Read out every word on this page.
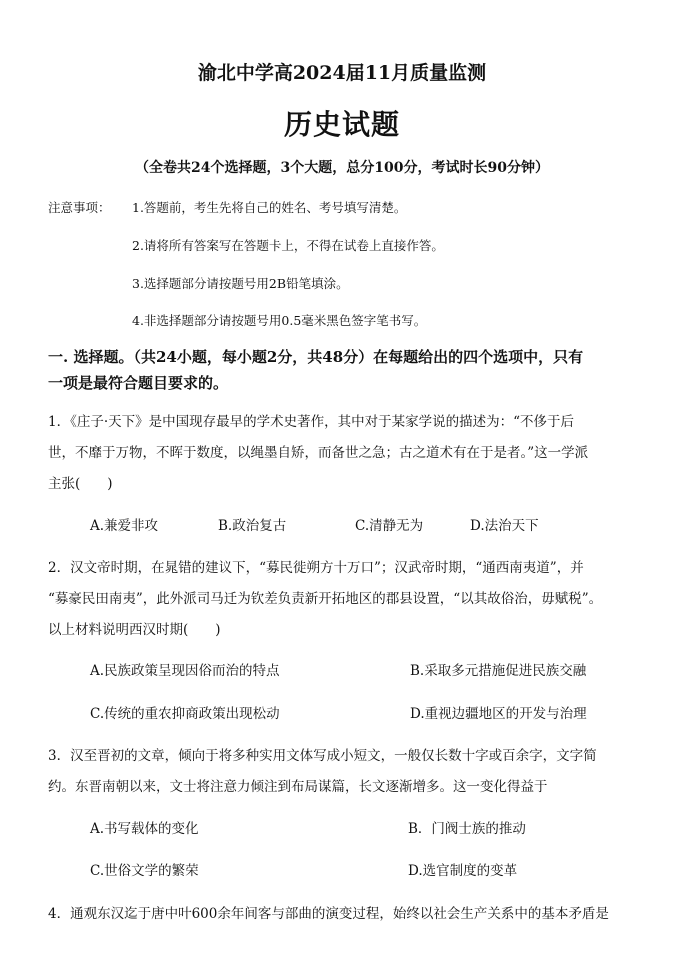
渝北中学高2024届11月质量监测
历史试题
（全卷共24个选择题，3个大题，总分100分，考试时长90分钟）
注意事项： 1.答题前，考生先将自己的姓名、考号填写清楚。
2.请将所有答案写在答题卡上，不得在试卷上直接作答。
3.选择题部分请按题号用2B铅笔填涂。
4.非选择题部分请按题号用0.5毫米黑色签字笔书写。
一. 选择题。（共24小题，每小题2分，共48分）在每题给出的四个选项中，只有
一项是最符合题目要求的。
1．《庄子·天下》是中国现存最早的学术史著作，其中对于某家学说的描述为：“不侈于后
世，不靡于万物，不晖于数度，以绳墨自矫，而备世之急；古之道术有在于是者。”这一学派
主张(　　)
A.兼爱非攻	B.政治复古	C.清静无为	D.法治天下
2．汉文帝时期，在晁错的建议下，“募民徙朔方十万口”；汉武帝时期，“通西南夷道”，并
“募豪民田南夷”，此外派司马迁为钦差负责新开拓地区的郡县设置，“以其故俗治，毋赋税”。
以上材料说明西汉时期(　　)
A.民族政策呈现因俗而治的特点	B.采取多元措施促进民族交融
C.传统的重农抑商政策出现松动	D.重视边疆地区的开发与治理
3．汉至晋初的文章，倾向于将多种实用文体写成小短文，一般仅长数十字或百余字，文字简
约。东晋南朝以来，文士将注意力倾注到布局谋篇，长文逐渐增多。这一变化得益于
A.书写载体的变化	B．门阀士族的推动
C.世俗文学的繁荣	D.选官制度的变革
4．通观东汉迄于唐中叶600余年间客与部曲的演变过程，始终以社会生产关系中的基本矛盾是
